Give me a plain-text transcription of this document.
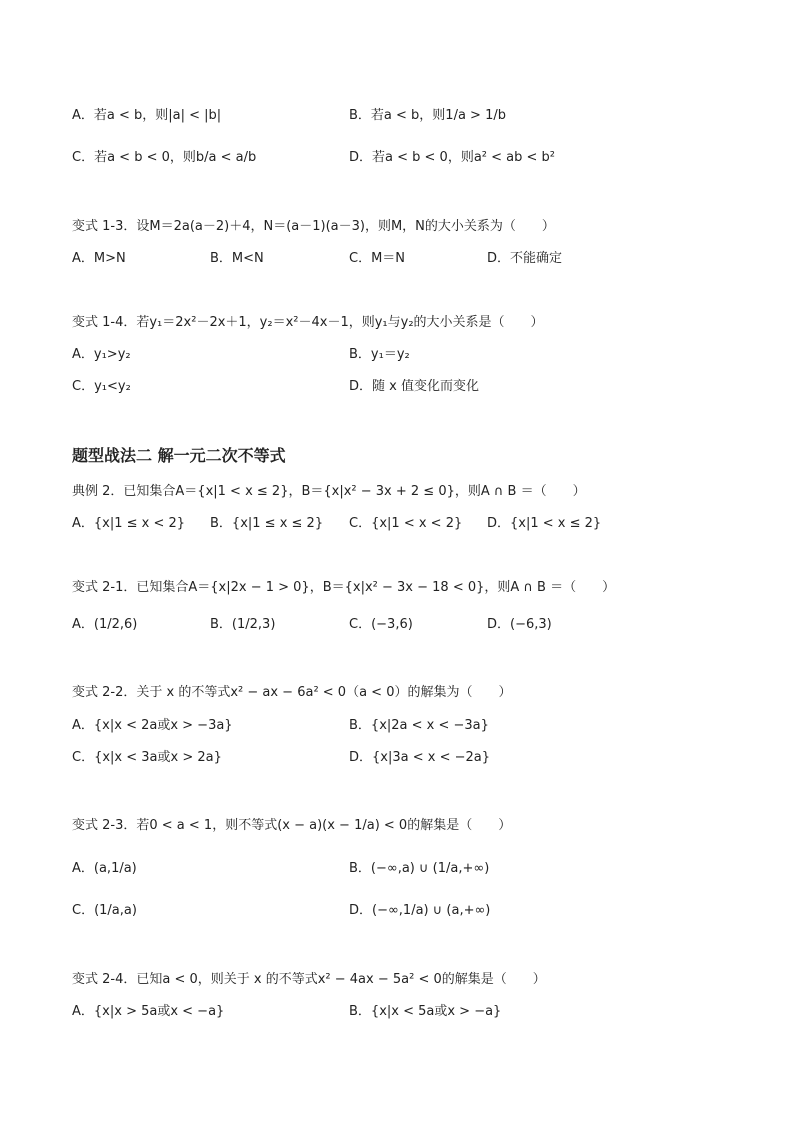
A．若a < b，则|a| < |b|	B．若a < b，则1/a > 1/b
C．若a < b < 0，则b/a < a/b	D．若a < b < 0，则a² < ab < b²
变式 1-3．设M＝2a(a－2)＋4，N＝(a－1)(a－3)，则M，N的大小关系为（　　）
A．M>N	B．M<N	C．M＝N	D．不能确定
变式 1-4．若y₁＝2x²－2x＋1，y₂＝x²－4x－1，则y₁与y₂的大小关系是（　　）
A．y₁>y₂	B．y₁＝y₂
C．y₁<y₂	D．随 x 值变化而变化
题型战法二 解一元二次不等式
典例 2．已知集合A＝{x|1 < x ≤ 2}，B＝{x|x² − 3x + 2 ≤ 0}，则A ∩ B ＝（　　）
A．{x|1 ≤ x < 2} B．{x|1 ≤ x ≤ 2} C．{x|1 < x < 2} D．{x|1 < x ≤ 2}
变式 2-1．已知集合A＝{x|2x − 1 > 0}，B＝{x|x² − 3x − 18 < 0}，则A ∩ B ＝（　　）
A．(1/2,6)	B．(1/2,3)	C．(−3,6)	D．(−6,3)
变式 2-2．关于 x 的不等式x² − ax − 6a² < 0（a < 0）的解集为（　　）
A．{x|x < 2a或x > −3a}	B．{x|2a < x < −3a}
C．{x|x < 3a或x > 2a}	D．{x|3a < x < −2a}
变式 2-3．若0 < a < 1，则不等式(x − a)(x − 1/a) < 0的解集是（　　）
A．(a,1/a)	B．(−∞,a) ∪ (1/a,+∞)
C．(1/a,a)	D．(−∞,1/a) ∪ (a,+∞)
变式 2-4．已知a < 0，则关于 x 的不等式x² − 4ax − 5a² < 0的解集是（　　）
A．{x|x > 5a或x < −a}	B．{x|x < 5a或x > −a}
